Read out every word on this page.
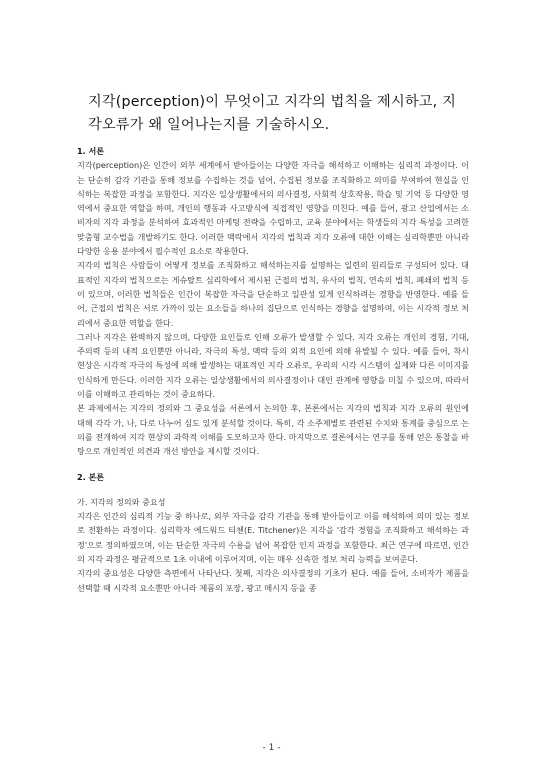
지각(perception)이 무엇이고 지각의 법칙을 제시하고, 지각오류가 왜 일어나는지를 기술하시오.
1. 서론
지각(perception)은 인간이 외부 세계에서 받아들이는 다양한 자극을 해석하고 이해하는 심리적 과정이다. 이는 단순히 감각 기관을 통해 정보를 수집하는 것을 넘어, 수집된 정보를 조직화하고 의미를 부여하여 현실을 인식하는 복잡한 과정을 포함한다. 지각은 일상생활에서의 의사결정, 사회적 상호작용, 학습 및 기억 등 다양한 영역에서 중요한 역할을 하며, 개인의 행동과 사고방식에 직접적인 영향을 미친다. 예를 들어, 광고 산업에서는 소비자의 지각 과정을 분석하여 효과적인 마케팅 전략을 수립하고, 교육 분야에서는 학생들의 지각 특성을 고려한 맞춤형 교수법을 개발하기도 한다. 이러한 맥락에서 지각의 법칙과 지각 오류에 대한 이해는 심리학뿐만 아니라 다양한 응용 분야에서 필수적인 요소로 작용한다.
지각의 법칙은 사람들이 어떻게 정보를 조직화하고 해석하는지를 설명하는 일련의 원리들로 구성되어 있다. 대표적인 지각의 법칙으로는 게슈탈트 심리학에서 제시된 근접의 법칙, 유사의 법칙, 연속의 법칙, 폐쇄의 법칙 등이 있으며, 이러한 법칙들은 인간이 복잡한 자극을 단순하고 일관성 있게 인식하려는 경향을 반영한다. 예를 들어, 근접의 법칙은 서로 가까이 있는 요소들을 하나의 집단으로 인식하는 경향을 설명하며, 이는 시각적 정보 처리에서 중요한 역할을 한다.
그러나 지각은 완벽하지 않으며, 다양한 요인들로 인해 오류가 발생할 수 있다. 지각 오류는 개인의 경험, 기대, 주의력 등의 내적 요인뿐만 아니라, 자극의 특성, 맥락 등의 외적 요인에 의해 유발될 수 있다. 예를 들어, 착시 현상은 시각적 자극의 특성에 의해 발생하는 대표적인 지각 오류로, 우리의 시각 시스템이 실제와 다른 이미지를 인식하게 만든다. 이러한 지각 오류는 일상생활에서의 의사결정이나 대인 관계에 영향을 미칠 수 있으며, 따라서 이를 이해하고 관리하는 것이 중요하다.
본 과제에서는 지각의 정의와 그 중요성을 서론에서 논의한 후, 본론에서는 지각의 법칙과 지각 오류의 원인에 대해 각각 가, 나, 다로 나누어 심도 있게 분석할 것이다. 특히, 각 소주제별로 관련된 수치와 통계를 중심으로 논의를 전개하여 지각 현상의 과학적 이해를 도모하고자 한다. 마지막으로 결론에서는 연구를 통해 얻은 통찰을 바탕으로 개인적인 의견과 개선 방안을 제시할 것이다.
2. 본론
가. 지각의 정의와 중요성
지각은 인간의 심리적 기능 중 하나로, 외부 자극을 감각 기관을 통해 받아들이고 이를 해석하여 의미 있는 정보로 전환하는 과정이다. 심리학자 에드워드 티첸(E. Titchener)은 지각을 '감각 경험을 조직화하고 해석하는 과정'으로 정의하였으며, 이는 단순한 자극의 수용을 넘어 복잡한 인지 과정을 포함한다. 최근 연구에 따르면, 인간의 지각 과정은 평균적으로 1초 이내에 이루어지며, 이는 매우 신속한 정보 처리 능력을 보여준다.
지각의 중요성은 다양한 측면에서 나타난다. 첫째, 지각은 의사결정의 기초가 된다. 예를 들어, 소비자가 제품을 선택할 때 시각적 요소뿐만 아니라 제품의 포장, 광고 메시지 등을 종
- 1 -
